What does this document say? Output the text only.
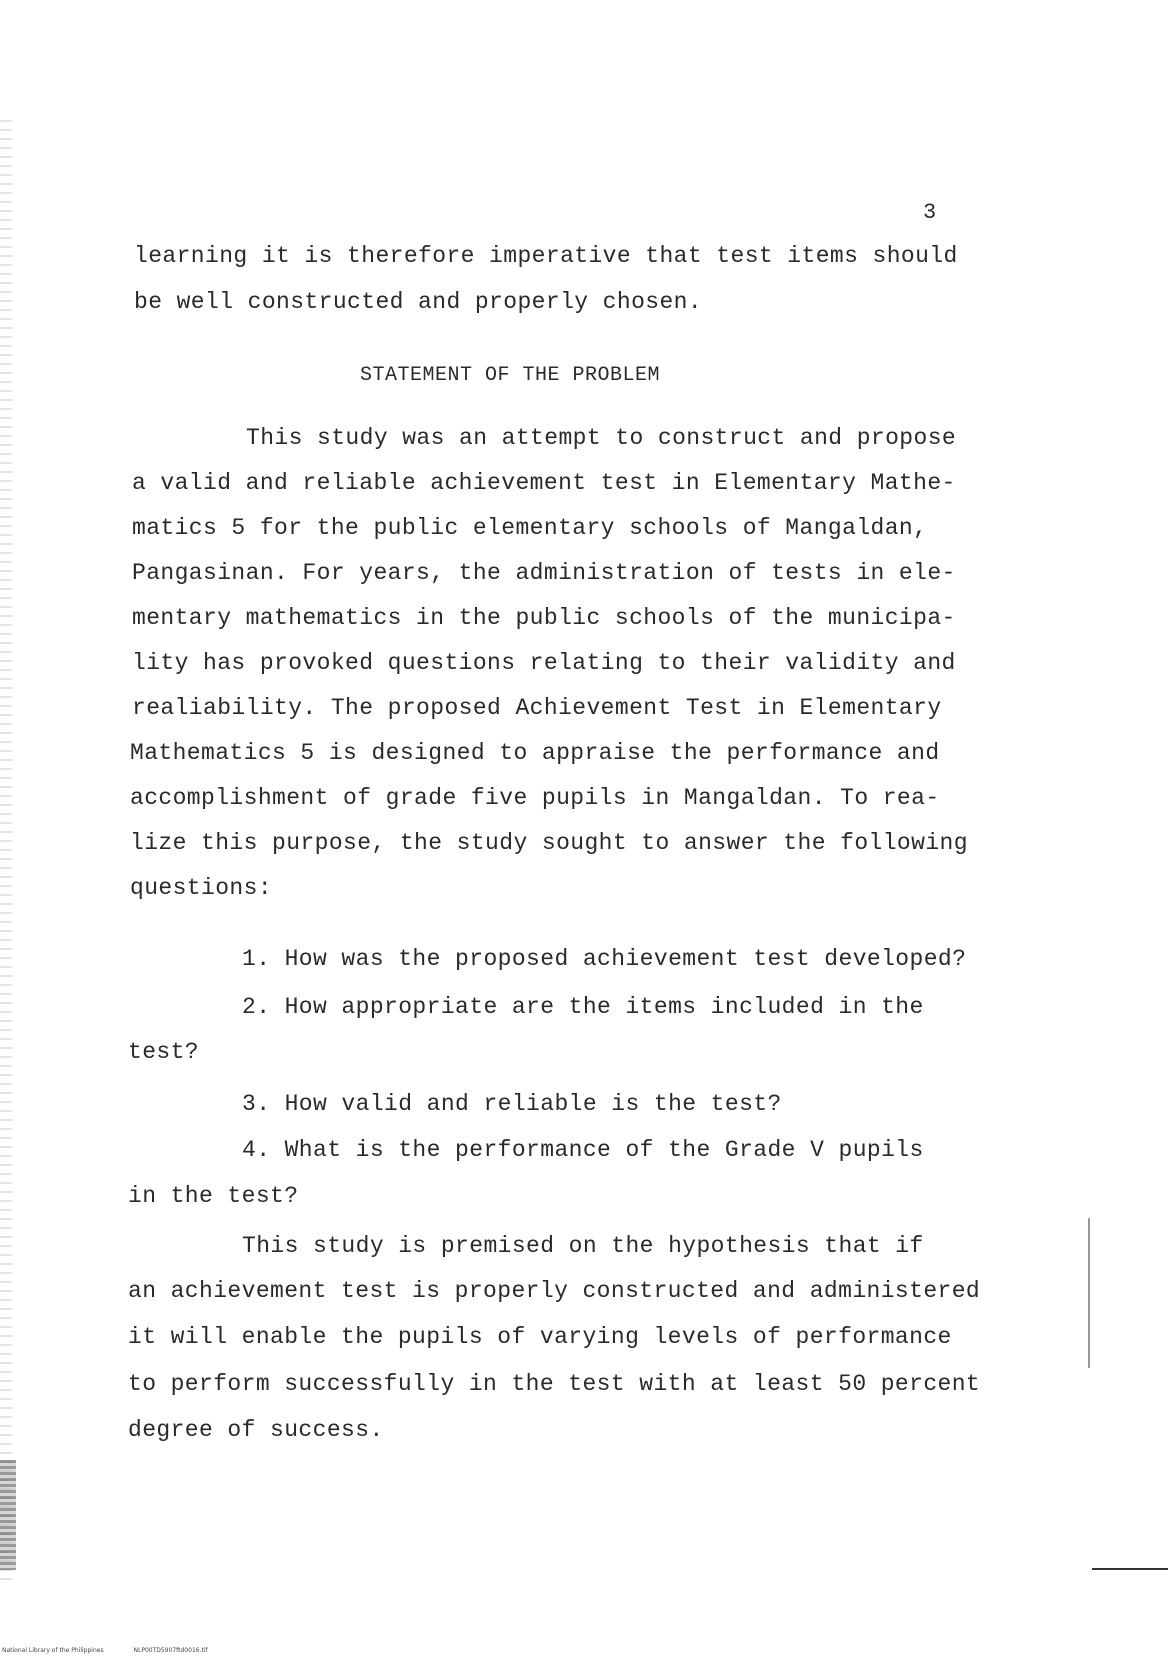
3
learning it is therefore imperative that test items should
be well constructed and properly chosen.
STATEMENT OF THE PROBLEM
This study was an attempt to construct and propose
a valid and reliable achievement test in Elementary Mathe-
matics 5 for the public elementary schools of Mangaldan,
Pangasinan. For years, the administration of tests in ele-
mentary mathematics in the public schools of the municipa-
lity has provoked questions relating to their validity and
realiability. The proposed Achievement Test in Elementary
Mathematics 5 is designed to appraise the performance and
accomplishment of grade five pupils in Mangaldan. To rea-
lize this purpose, the study sought to answer the following
questions:
1. How was the proposed achievement test developed?
2. How appropriate are the items included in the
test?
3. How valid and reliable is the test?
4. What is the performance of the Grade V pupils
in the test?
This study is premised on the hypothesis that if
an achievement test is properly constructed and administered
it will enable the pupils of varying levels of performance
to perform successfully in the test with at least 50 percent
degree of success.
National Library of the Philippines	NLP00TD5907ftd0016.tif
